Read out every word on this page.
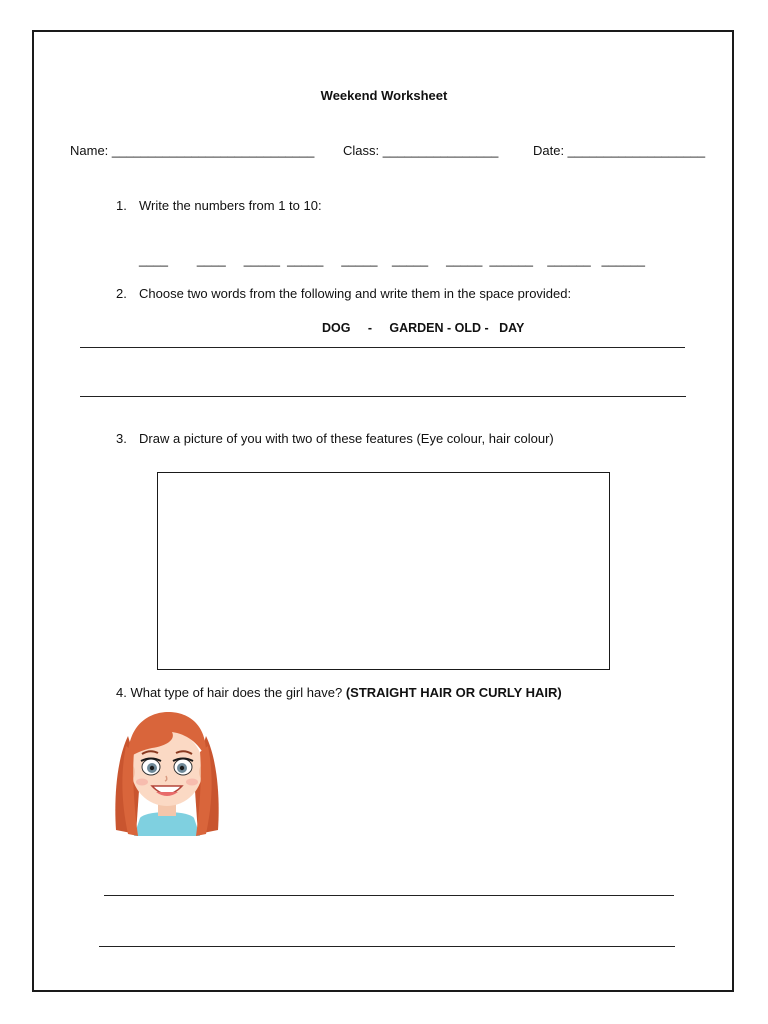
Weekend Worksheet
Name: ____________________________ Class: ________________	Date: ___________________
1. Write the numbers from 1 to 10:
____        ____     _____  _____     _____    _____     _____  ______    ______   ______
2. Choose two words from the following and write them in the space provided:
DOG     -     GARDEN - OLD -   DAY
3. Draw a picture of you with two of these features (Eye colour, hair colour)
4. What type of hair does the girl have? (STRAIGHT HAIR OR CURLY HAIR)
